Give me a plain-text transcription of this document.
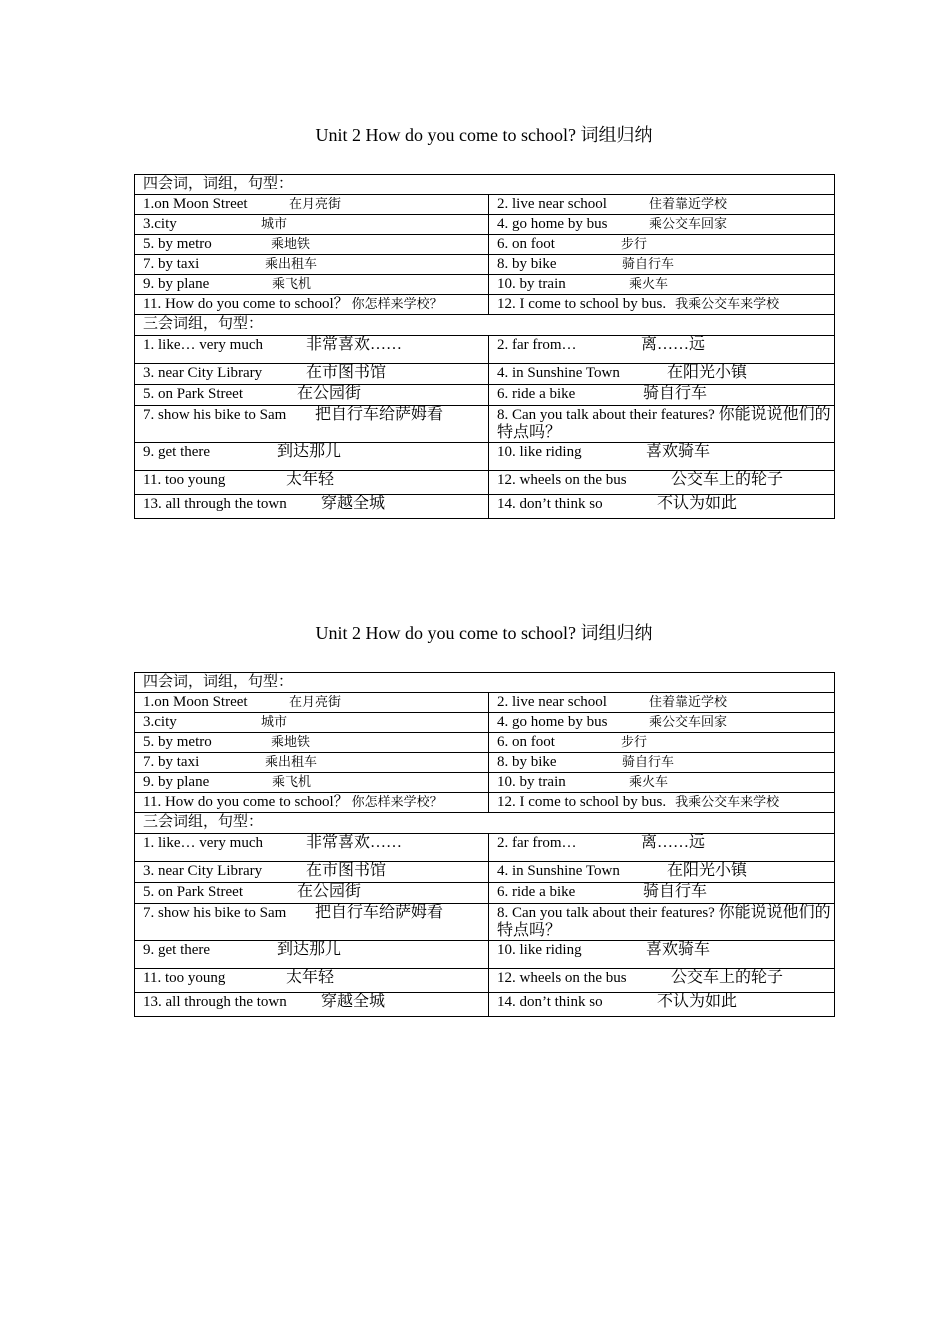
Unit 2 How do you come to school? 词组归纳
四会词，词组，句型：	
1.on Moon Street 在月亮街	2. live near school 住着靠近学校
3.city 城市	4. go home by bus 乘公交车回家
5. by metro 乘地铁	6. on foot 步行
7. by taxi 乘出租车	8. by bike 骑自行车
9. by plane 乘飞机	10. by train 乘火车
11. How do you come to school？ 你怎样来学校？	12. I come to school by bus. 我乘公交车来学校
三会词组，句型：	
1. like… very much 非常喜欢……	2. far from… 离……远
3. near City Library 在市图书馆	4. in Sunshine Town 在阳光小镇
5. on Park Street 在公园街	6. ride a bike 骑自行车
7. show his bike to Sam 把自行车给萨姆看	8. Can you talk about their features? 你能说说他们的特点吗？
9. get there 到达那儿	10. like riding 喜欢骑车
11. too young 太年轻	12. wheels on the bus 公交车上的轮子
13. all through the town 穿越全城	14. don’t think so 不认为如此
Unit 2 How do you come to school? 词组归纳
四会词，词组，句型：	
1.on Moon Street 在月亮街	2. live near school 住着靠近学校
3.city 城市	4. go home by bus 乘公交车回家
5. by metro 乘地铁	6. on foot 步行
7. by taxi 乘出租车	8. by bike 骑自行车
9. by plane 乘飞机	10. by train 乘火车
11. How do you come to school？ 你怎样来学校？	12. I come to school by bus. 我乘公交车来学校
三会词组，句型：	
1. like… very much 非常喜欢……	2. far from… 离……远
3. near City Library 在市图书馆	4. in Sunshine Town 在阳光小镇
5. on Park Street 在公园街	6. ride a bike 骑自行车
7. show his bike to Sam 把自行车给萨姆看	8. Can you talk about their features? 你能说说他们的特点吗？
9. get there 到达那儿	10. like riding 喜欢骑车
11. too young 太年轻	12. wheels on the bus 公交车上的轮子
13. all through the town 穿越全城	14. don’t think so 不认为如此
